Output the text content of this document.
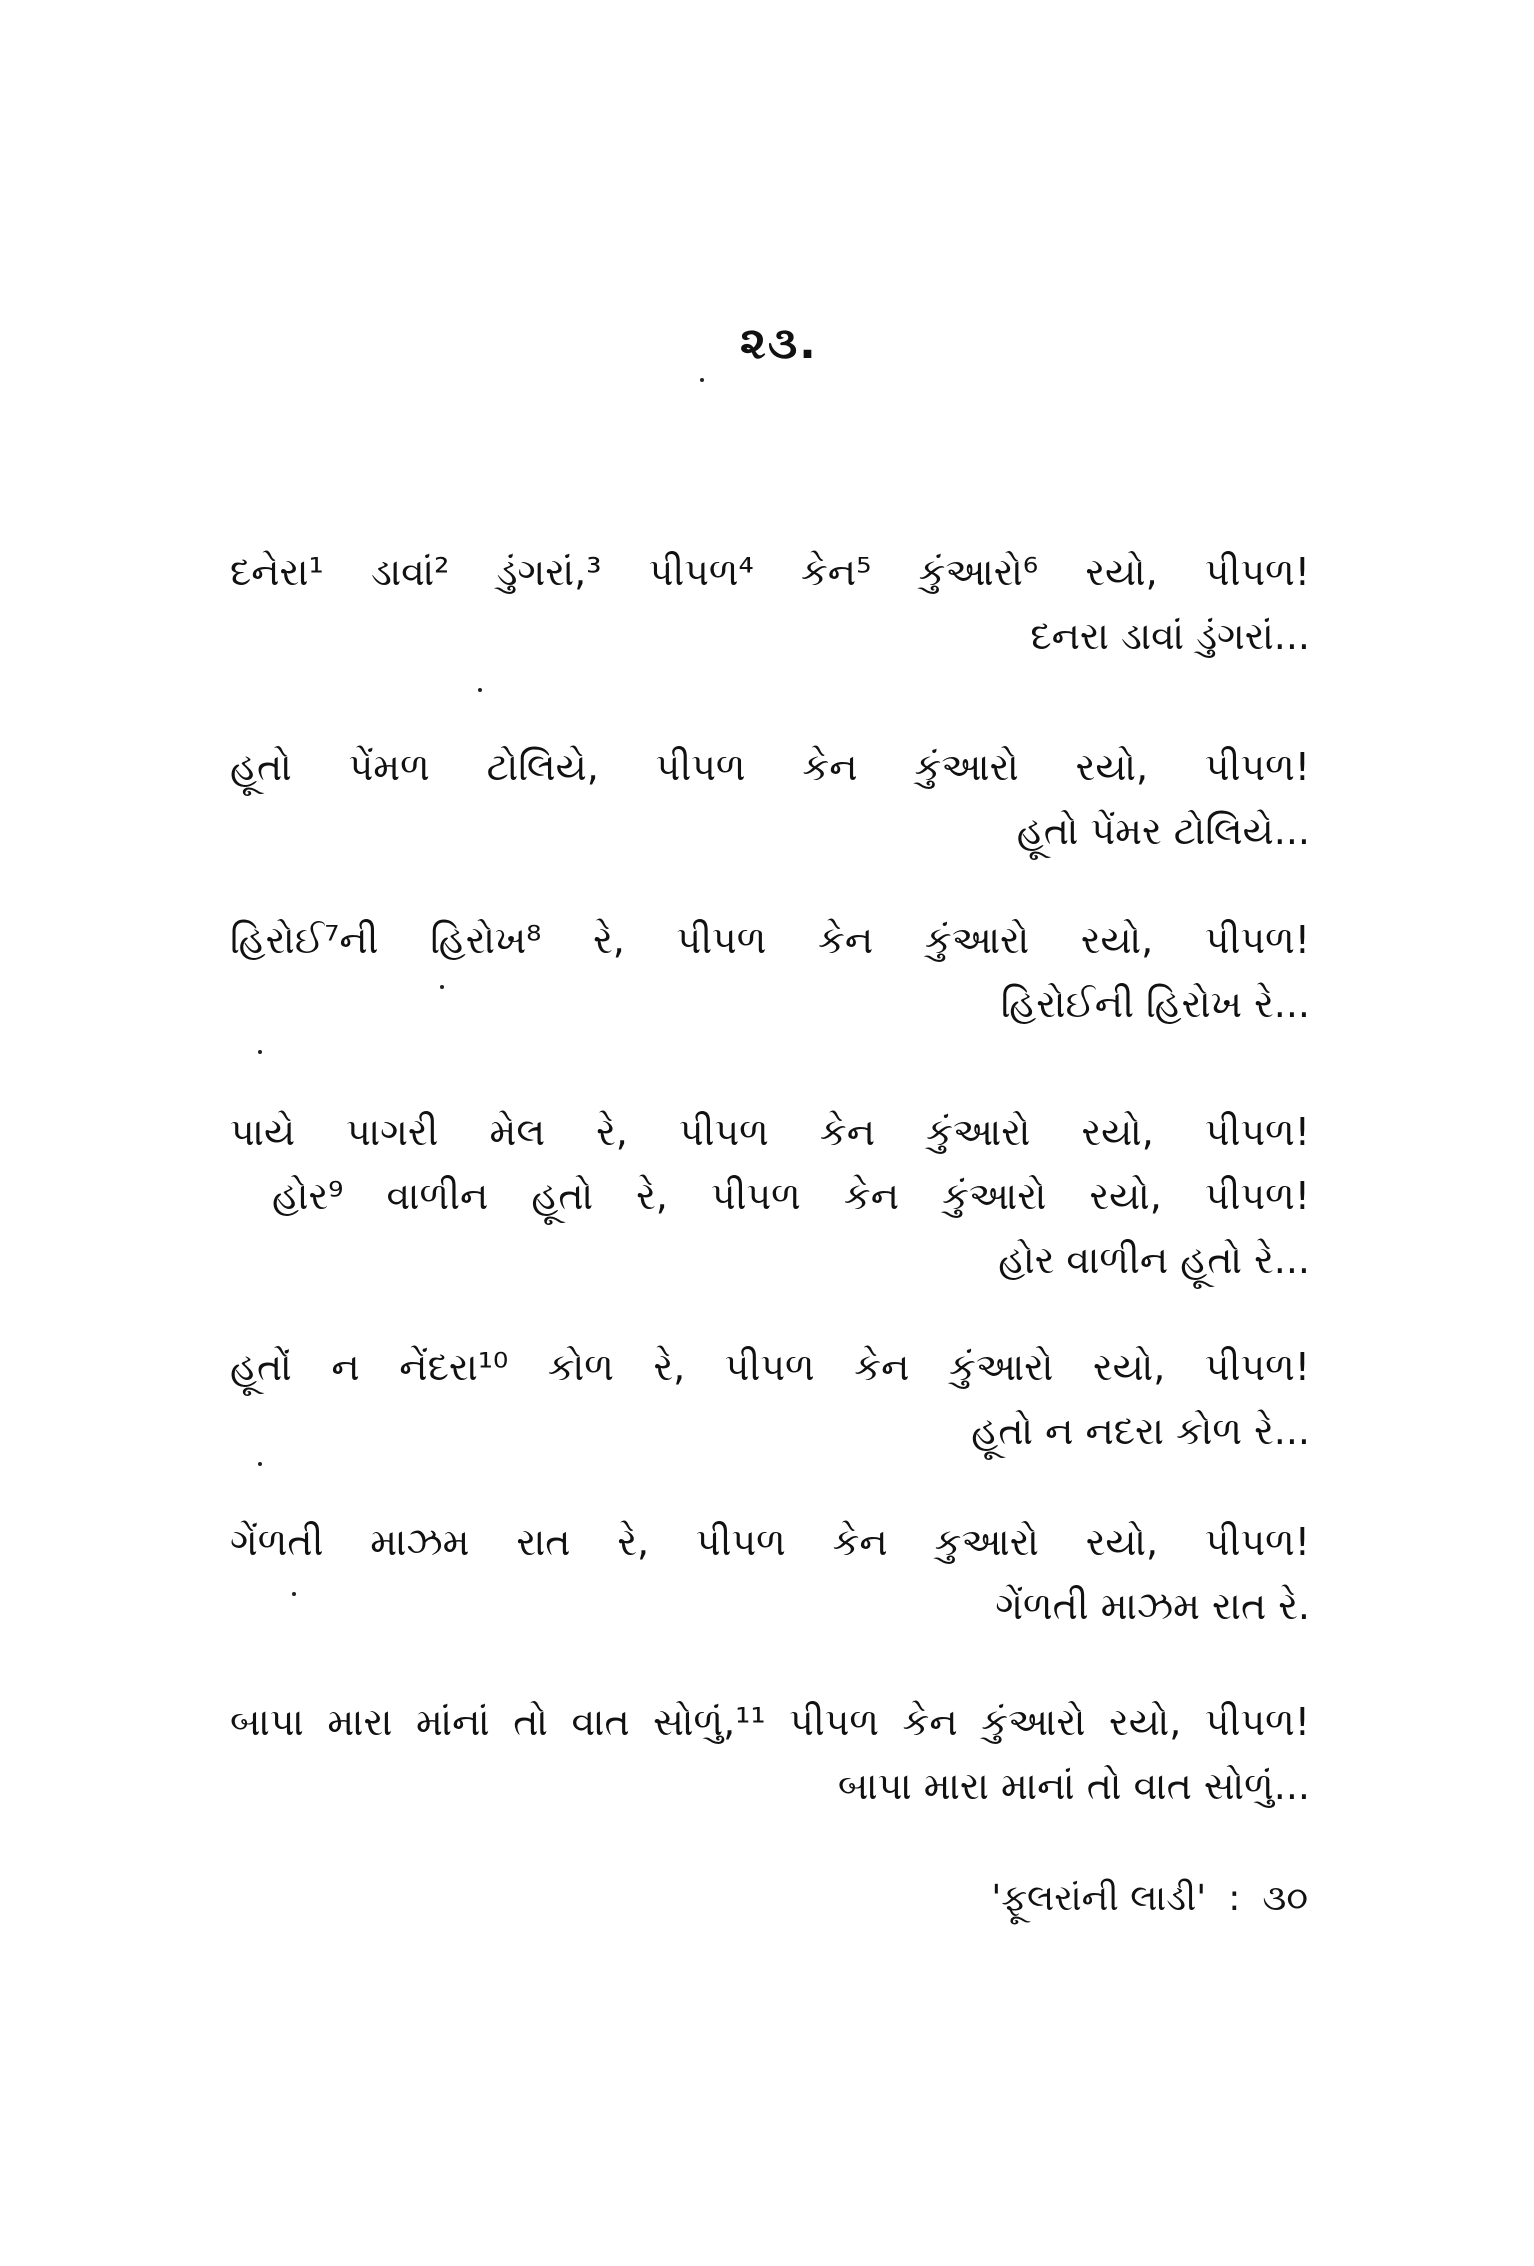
૨૩.
દનેરા¹ ડાવાં² ડુંગરાં,³ પીપળ⁴ કેન⁵ કુંઆરો⁶ રયો, પીપળ!
દનરા ડાવાં ડુંગરાં...
હૂતો પેંમળ ટોલિયે, પીપળ કેન કુંઆરો રયો, પીપળ!
હૂતો પેંમર ટોલિયે...
હિરોઈ⁷ની હિરોખ⁸ રે, પીપળ કેન કુંઆરો રયો, પીપળ!
હિરોઈની હિરોખ રે...
પાયે પાગરી મેલ રે, પીપળ કેન કુંઆરો રયો, પીપળ!
હોર⁹ વાળીન હૂતો રે, પીપળ કેન કુંઆરો રયો, પીપળ!
હોર વાળીન હૂતો રે...
હૂતોં ન નેંદરા¹⁰ કોળ રે, પીપળ કેન કુંઆરો રયો, પીપળ!
હૂતો ન નદરા કોળ રે...
ગેંળતી માઝમ રાત રે, પીપળ કેન કુઆરો રયો, પીપળ!
ગેંળતી માઝમ રાત રે.
બાપા મારા માંનાં તો વાત સોળું,¹¹ પીપળ કેન કુંઆરો રયો, પીપળ!
બાપા મારા માનાં તો વાત સોળું...
'ફૂલરાંની લાડી' : ૩૦
